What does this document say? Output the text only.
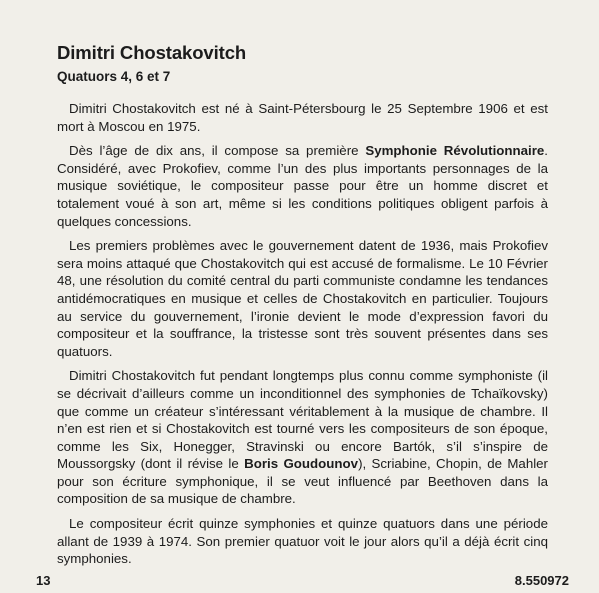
Dimitri Chostakovitch
Quatuors 4, 6 et 7

Dimitri Chostakovitch est né à Saint-Pétersbourg le 25 Septembre 1906 et est mort à Moscou en 1975.

Dès l’âge de dix ans, il compose sa première Symphonie Révolutionnaire. Considéré, avec Prokofiev, comme l’un des plus importants personnages de la musique soviétique, le compositeur passe pour être un homme discret et totalement voué à son art, même si les conditions politiques obligent parfois à quelques concessions.

Les premiers problèmes avec le gouvernement datent de 1936, mais Prokofiev sera moins attaqué que Chostakovitch qui est accusé de formalisme. Le 10 Février 48, une résolution du comité central du parti communiste condamne les tendances antidémocratiques en musique et celles de Chostakovitch en particulier. Toujours au service du gouvernement, l’ironie devient le mode d’expression favori du compositeur et la souffrance, la tristesse sont très souvent présentes dans ses quatuors.

Dimitri Chostakovitch fut pendant longtemps plus connu comme symphoniste (il se décrivait d’ailleurs comme un inconditionnel des symphonies de Tchaïkovsky) que comme un créateur s’intéressant véritablement à la musique de chambre. Il n’en est rien et si Chostakovitch est tourné vers les compositeurs de son époque, comme les Six, Honegger, Stravinski ou encore Bartók, s’il s’inspire de Moussorgsky (dont il révise le Boris Goudounov), Scriabine, Chopin, de Mahler pour son écriture symphonique, il se veut influencé par Beethoven dans la composition de sa musique de chambre.

Le compositeur écrit quinze symphonies et quinze quatuors dans une période allant de 1939 à 1974. Son premier quatuor voit le jour alors qu’il a déjà écrit cinq symphonies.

13	8.550972
